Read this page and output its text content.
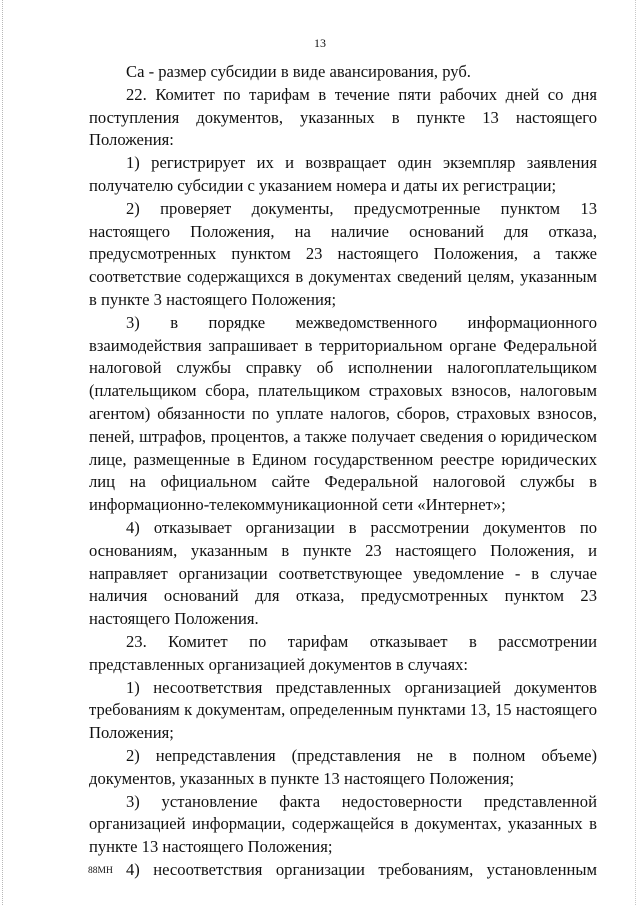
13

Са - размер субсидии в виде авансирования, руб.

22. Комитет по тарифам в течение пяти рабочих дней со дня поступления документов, указанных в пункте 13 настоящего Положения:

1) регистрирует их и возвращает один экземпляр заявления получателю субсидии с указанием номера и даты их регистрации;

2) проверяет документы, предусмотренные пунктом 13 настоящего Положения, на наличие оснований для отказа, предусмотренных пунктом 23 настоящего Положения, а также соответствие содержащихся в документах сведений целям, указанным в пункте 3 настоящего Положения;

3) в порядке межведомственного информационного взаимодействия запрашивает в территориальном органе Федеральной налоговой службы справку об исполнении налогоплательщиком (плательщиком сбора, плательщиком страховых взносов, налоговым агентом) обязанности по уплате налогов, сборов, страховых взносов, пеней, штрафов, процентов, а также получает сведения о юридическом лице, размещенные в Едином государственном реестре юридических лиц на официальном сайте Федеральной налоговой службы в информационно-телекоммуникационной сети «Интернет»;

4) отказывает организации в рассмотрении документов по основаниям, указанным в пункте 23 настоящего Положения, и направляет организации соответствующее уведомление - в случае наличия оснований для отказа, предусмотренных пунктом 23 настоящего Положения.

23. Комитет по тарифам отказывает в рассмотрении представленных организацией документов в случаях:

1) несоответствия представленных организацией документов требованиям к документам, определенным пунктами 13, 15 настоящего Положения;

2) непредставления (представления не в полном объеме) документов, указанных в пункте 13 настоящего Положения;

3) установление факта недостоверности представленной организацией информации, содержащейся в документах, указанных в пункте 13 настоящего Положения;

4) несоответствия организации требованиям, установленным

88МН
